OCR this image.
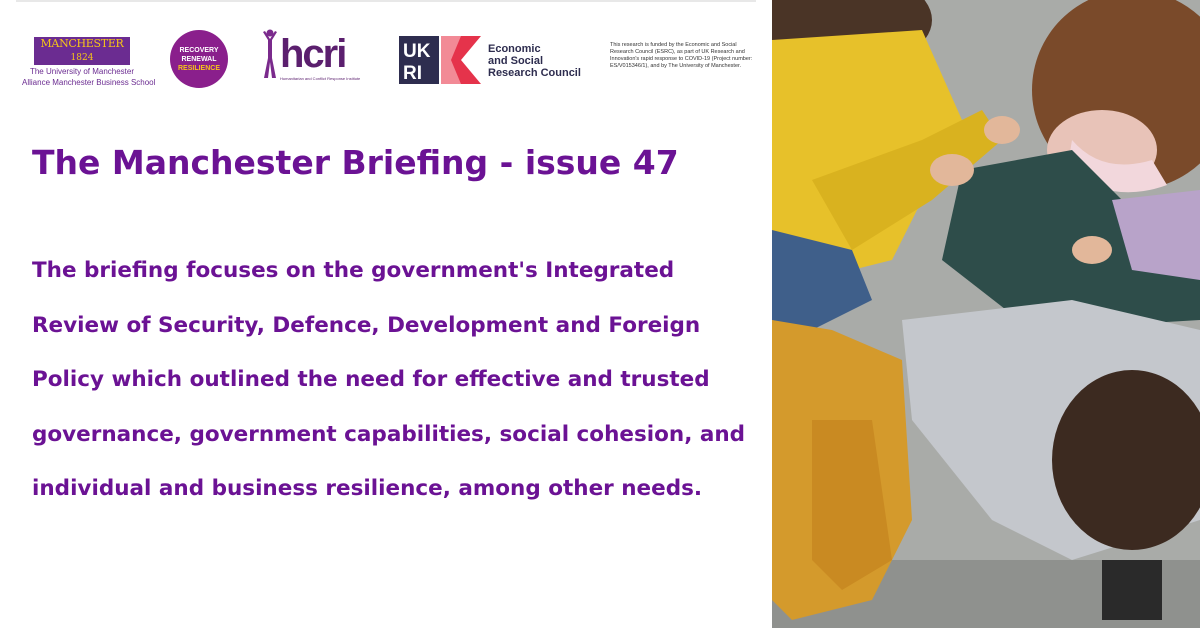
MANCHESTER
1824
The University of Manchester
Alliance Manchester Business School
RECOVERY
RENEWAL
RESILIENCE hcri
Humanitarian and Conflict Response Institute
UK
RI
Economic
and Social
Research Council
This research is funded by the Economic and Social Research Council (ESRC), as part of UK Research and Innovation's rapid response to COVID-19 (Project number: ES/V015346/1), and by The University of Manchester.
The Manchester Briefing - issue 47

The briefing focuses on the government's Integrated Review of Security, Defence, Development and Foreign Policy which outlined the need for effective and trusted governance, government capabilities, social cohesion, and individual and business resilience, among other needs.
